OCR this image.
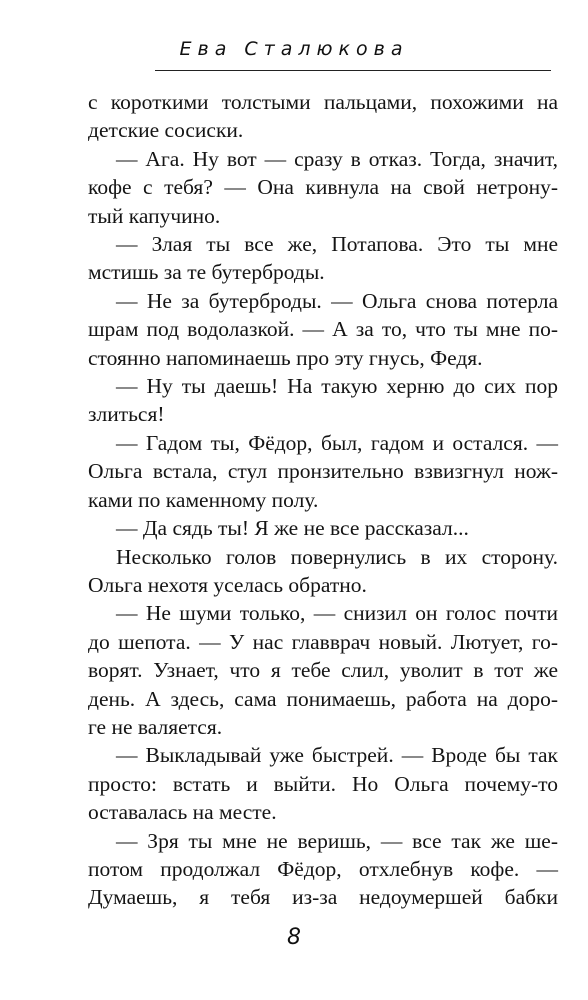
Ева Сталюкова
с короткими толстыми пальцами, похожими на
детские сосиски.
— Ага. Ну вот — сразу в отказ. Тогда, значит,
кофе с тебя? — Она кивнула на свой нетрону-
тый капучино.
— Злая ты все же, Потапова. Это ты мне
мстишь за те бутерброды.
— Не за бутерброды. — Ольга снова потерла
шрам под водолазкой. — А за то, что ты мне по-
стоянно напоминаешь про эту гнусь, Федя.
— Ну ты даешь! На такую херню до сих пор
злиться!
— Гадом ты, Фёдор, был, гадом и остался. —
Ольга встала, стул пронзительно взвизгнул нож-
ками по каменному полу.
— Да сядь ты! Я же не все рассказал...
Несколько голов повернулись в их сторону.
Ольга нехотя уселась обратно.
— Не шуми только, — снизил он голос почти
до шепота. — У нас главврач новый. Лютует, го-
ворят. Узнает, что я тебе слил, уволит в тот же
день. А здесь, сама понимаешь, работа на доро-
ге не валяется.
— Выкладывай уже быстрей. — Вроде бы так
просто: встать и выйти. Но Ольга почему-то
оставалась на месте.
— Зря ты мне не веришь, — все так же ше-
потом продолжал Фёдор, отхлебнув кофе. —
Думаешь, я тебя из-за недоумершей бабки
8
